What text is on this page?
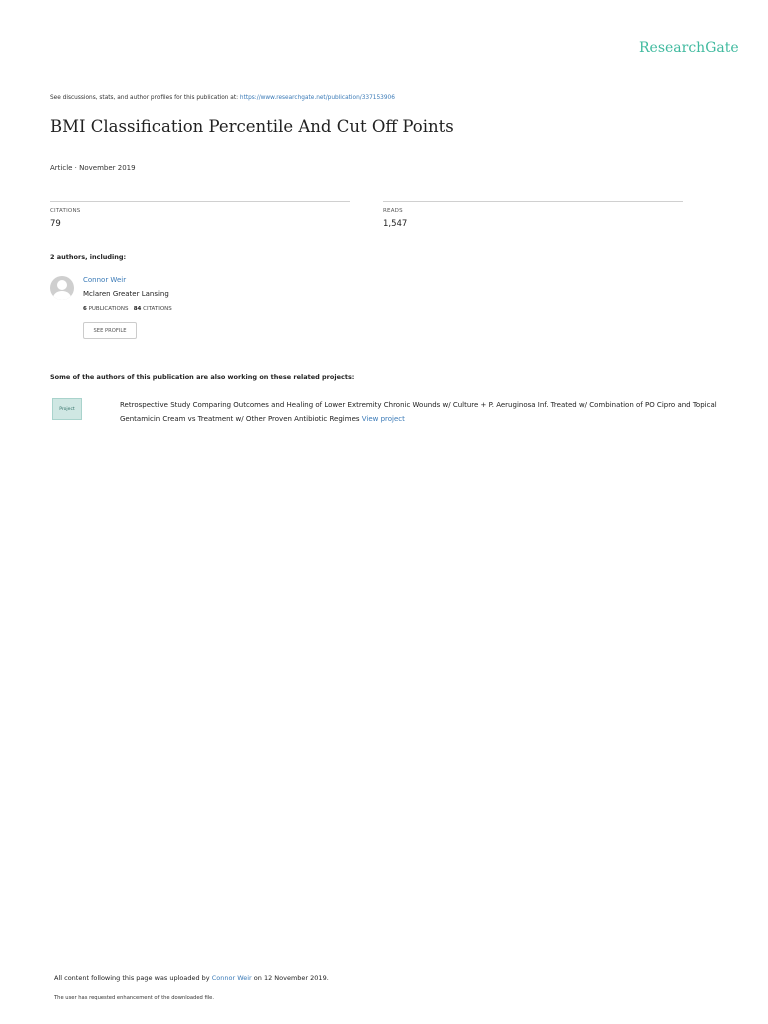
ResearchGate
See discussions, stats, and author profiles for this publication at: https://www.researchgate.net/publication/337153906
BMI Classification Percentile And Cut Off Points
Article · November 2019
CITATIONS
79
READS
1,547
2 authors, including:
Connor Weir
Mclaren Greater Lansing
6 PUBLICATIONS 84 CITATIONS
SEE PROFILE
Some of the authors of this publication are also working on these related projects:
Project	Retrospective Study Comparing Outcomes and Healing of Lower Extremity Chronic Wounds w/ Culture + P. Aeruginosa Inf. Treated w/ Combination of PO Cipro and Topical Gentamicin Cream vs Treatment w/ Other Proven Antibiotic Regimes View project
All content following this page was uploaded by Connor Weir on 12 November 2019.
The user has requested enhancement of the downloaded file.
